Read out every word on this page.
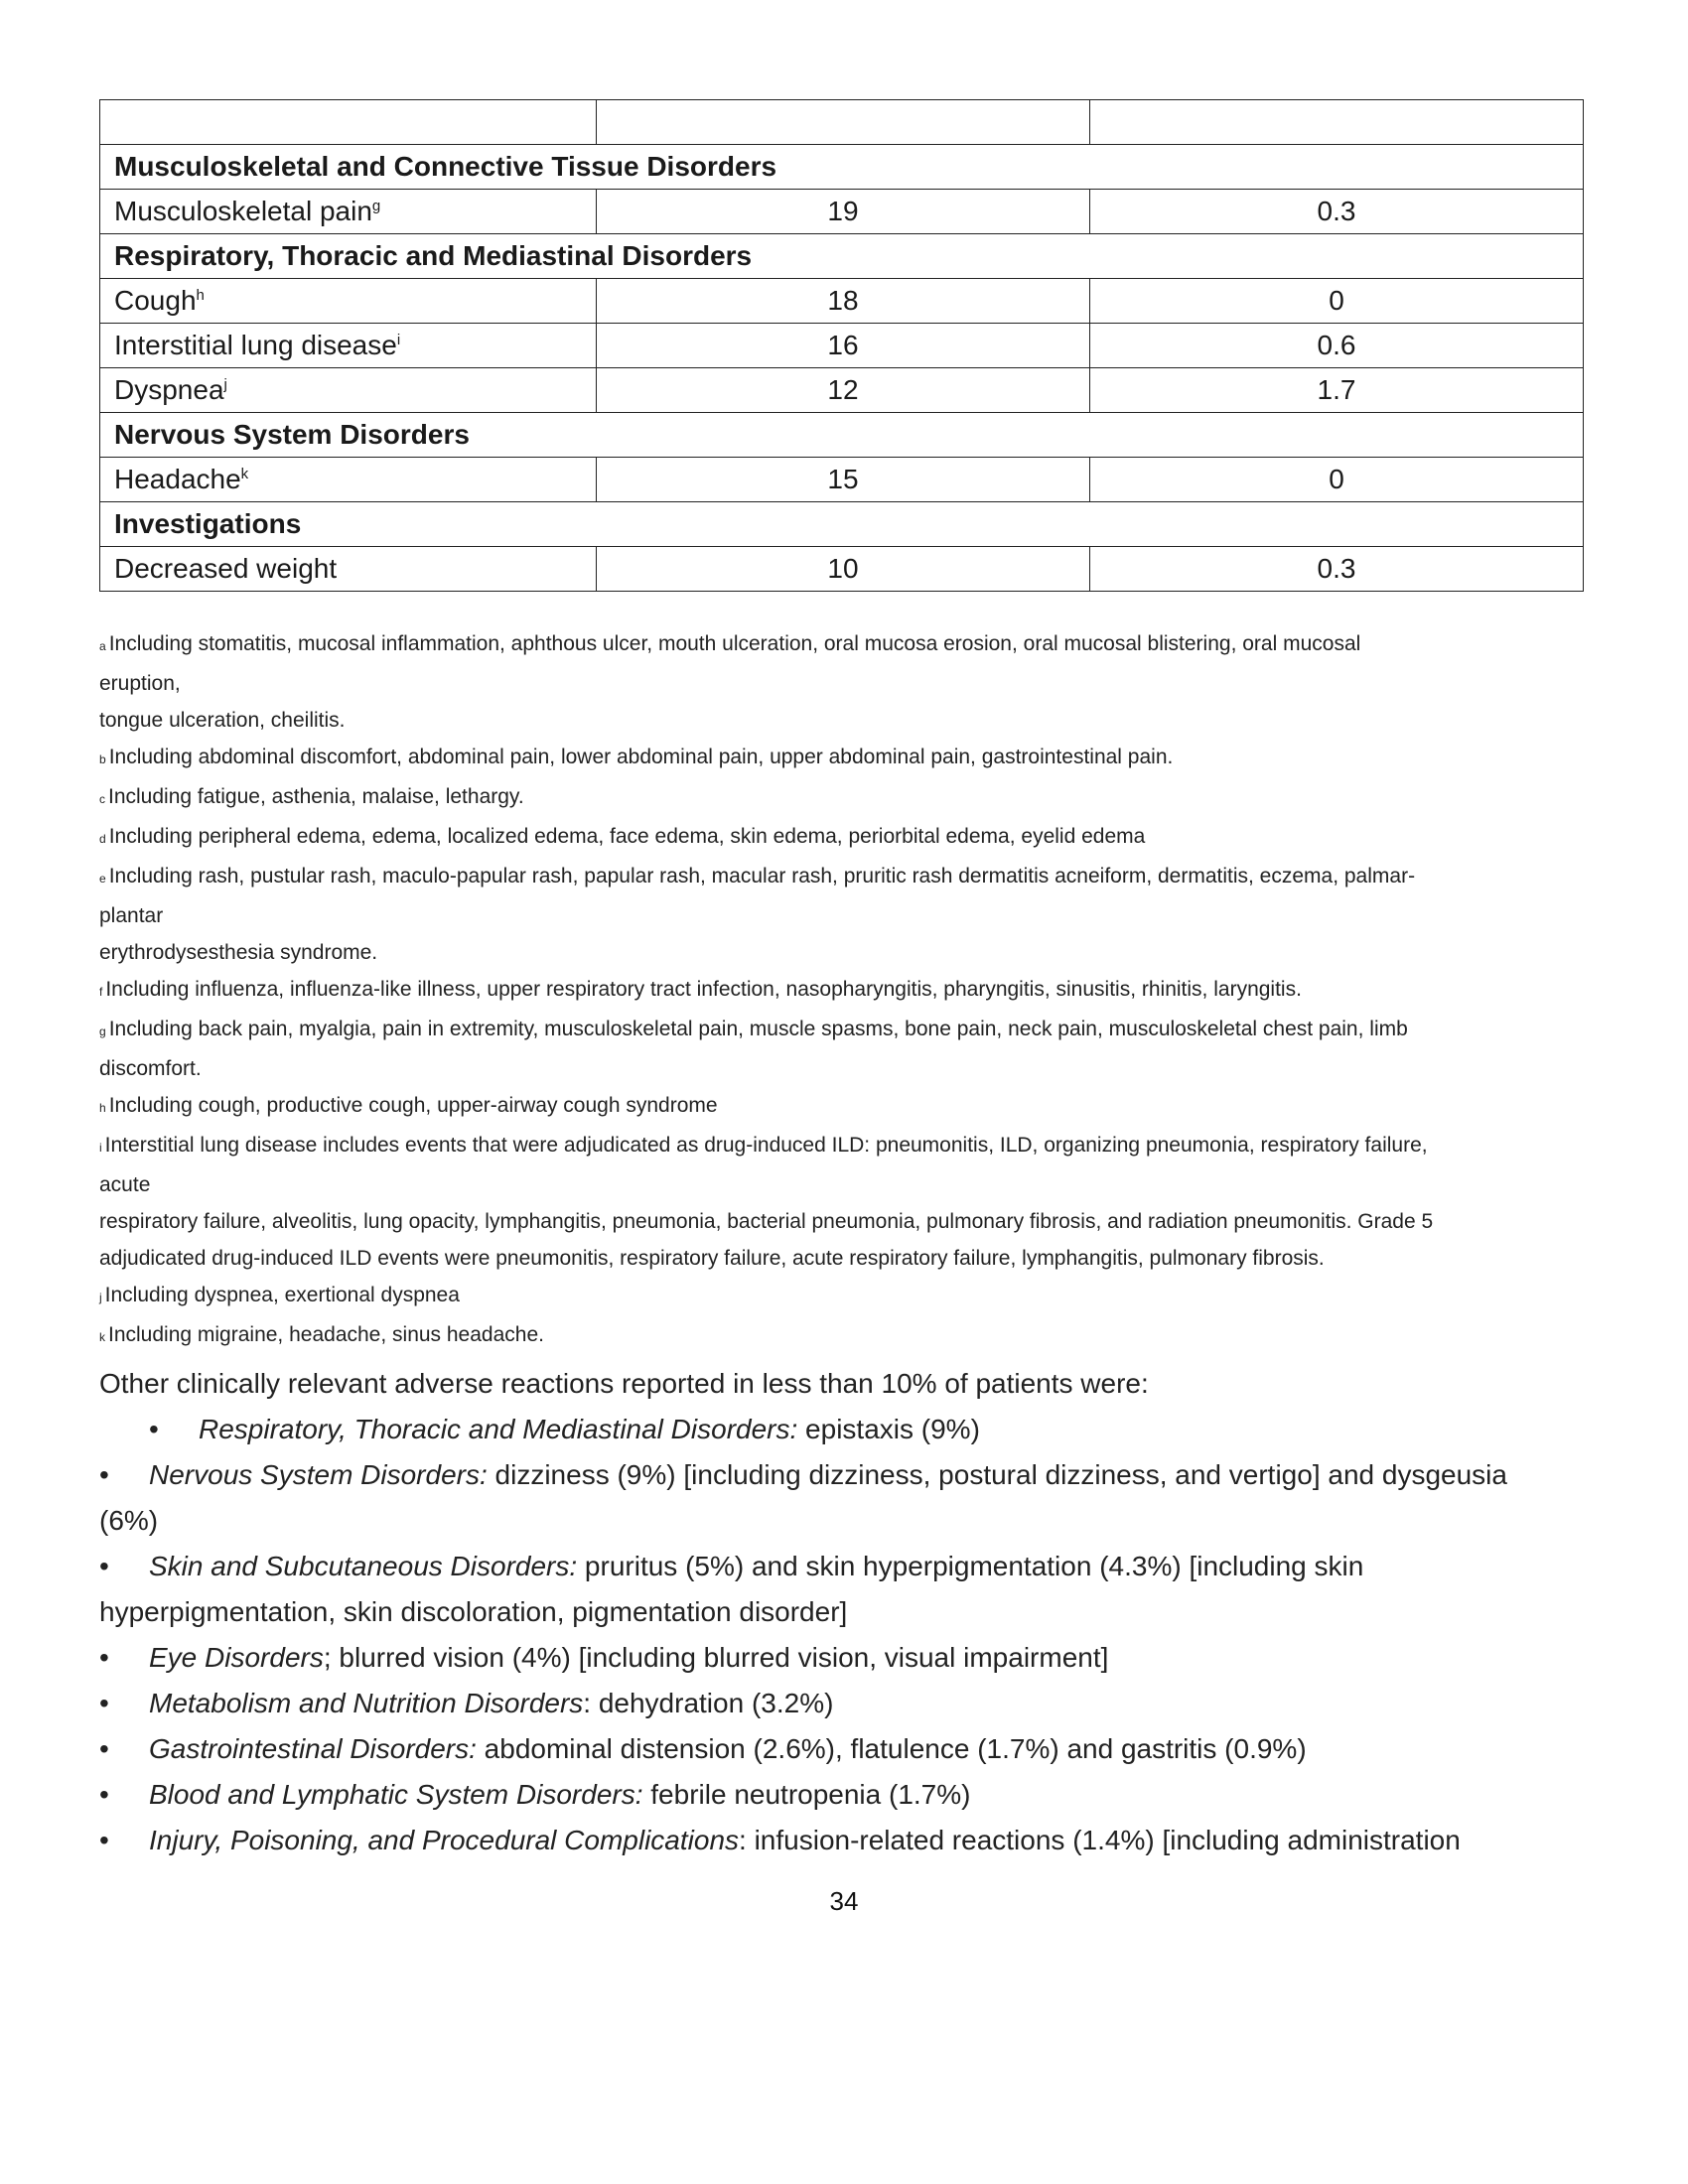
Musculoskeletal and Connective Tissue Disorders		
Musculoskeletal pain$^g$	19	0.3
Respiratory, Thoracic and Mediastinal Disorders		
Cough$^h$	18	0
Interstitial lung disease$^i$	16	0.6
Dyspnea$^j$	12	1.7
Nervous System Disorders		
Headache$^k$	15	0
Investigations		
Decreased weight	10	0.3
a Including stomatitis, mucosal inflammation, aphthous ulcer, mouth ulceration, oral mucosa erosion, oral mucosal blistering, oral mucosal
eruption,
tongue ulceration, cheilitis.
b Including abdominal discomfort, abdominal pain, lower abdominal pain, upper abdominal pain, gastrointestinal pain.
c Including fatigue, asthenia, malaise, lethargy.
d Including peripheral edema, edema, localized edema, face edema, skin edema, periorbital edema, eyelid edema
e Including rash, pustular rash, maculo-papular rash, papular rash, macular rash, pruritic rash dermatitis acneiform, dermatitis, eczema, palmar-
plantar
erythrodysesthesia syndrome.
f Including influenza, influenza-like illness, upper respiratory tract infection, nasopharyngitis, pharyngitis, sinusitis, rhinitis, laryngitis.
g Including back pain, myalgia, pain in extremity, musculoskeletal pain, muscle spasms, bone pain, neck pain, musculoskeletal chest pain, limb
discomfort.
h Including cough, productive cough, upper-airway cough syndrome
i Interstitial lung disease includes events that were adjudicated as drug-induced ILD: pneumonitis, ILD, organizing pneumonia, respiratory failure,
acute
respiratory failure, alveolitis, lung opacity, lymphangitis, pneumonia, bacterial pneumonia, pulmonary fibrosis, and radiation pneumonitis. Grade 5
adjudicated drug-induced ILD events were pneumonitis, respiratory failure, acute respiratory failure, lymphangitis, pulmonary fibrosis.
j Including dyspnea, exertional dyspnea
k Including migraine, headache, sinus headache.
Other clinically relevant adverse reactions reported in less than 10% of patients were:
• Respiratory, Thoracic and Mediastinal Disorders: epistaxis (9%)
• Nervous System Disorders: dizziness (9%) [including dizziness, postural dizziness, and vertigo] and dysgeusia
(6%)
• Skin and Subcutaneous Disorders: pruritus (5%) and skin hyperpigmentation (4.3%) [including skin
hyperpigmentation, skin discoloration, pigmentation disorder]
• Eye Disorders; blurred vision (4%) [including blurred vision, visual impairment]
• Metabolism and Nutrition Disorders: dehydration (3.2%)
• Gastrointestinal Disorders: abdominal distension (2.6%), flatulence (1.7%) and gastritis (0.9%)
• Blood and Lymphatic System Disorders: febrile neutropenia (1.7%)
• Injury, Poisoning, and Procedural Complications: infusion-related reactions (1.4%) [including administration
34
